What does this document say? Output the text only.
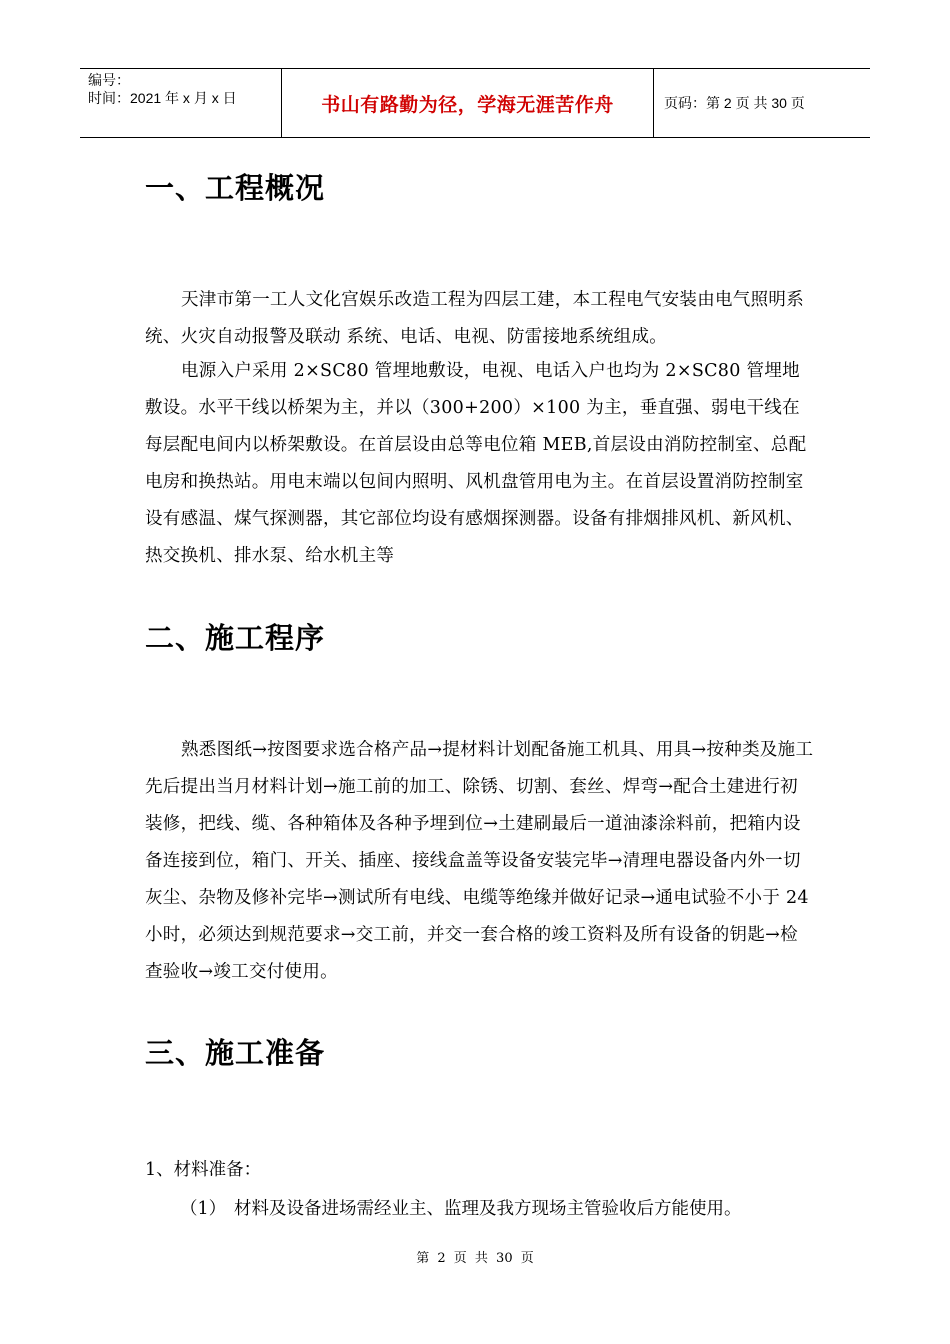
编号：
时间：2021 年 x 月 x 日	书山有路勤为径，学海无涯苦作舟	页码：第 2 页 共 30 页
一、工程概况
天津市第一工人文化宫娱乐改造工程为四层工建，本工程电气安装由电气照明系统、火灾自动报警及联动 系统、电话、电视、防雷接地系统组成。
电源入户采用 2×SC80 管埋地敷设，电视、电话入户也均为 2×SC80 管埋地敷设。水平干线以桥架为主，并以（300+200）×100 为主，垂直强、弱电干线在每层配电间内以桥架敷设。在首层设由总等电位箱 MEB,首层设由消防控制室、总配电房和换热站。用电末端以包间内照明、风机盘管用电为主。在首层设置消防控制室设有感温、煤气探测器，其它部位均设有感烟探测器。设备有排烟排风机、新风机、热交换机、排水泵、给水机主等
二、施工程序
熟悉图纸→按图要求选合格产品→提材料计划配备施工机具、用具→按种类及施工先后提出当月材料计划→施工前的加工、除锈、切割、套丝、焊弯→配合土建进行初装修，把线、缆、各种箱体及各种予埋到位→土建刷最后一道油漆涂料前，把箱内设备连接到位，箱门、开关、插座、接线盒盖等设备安装完毕→清理电器设备内外一切灰尘、杂物及修补完毕→测试所有电线、电缆等绝缘并做好记录→通电试验不小于 24 小时，必须达到规范要求→交工前，并交一套合格的竣工资料及所有设备的钥匙→检查验收→竣工交付使用。
三、施工准备
1、材料准备：
（1） 材料及设备进场需经业主、监理及我方现场主管验收后方能使用。
第 2 页 共 30 页
